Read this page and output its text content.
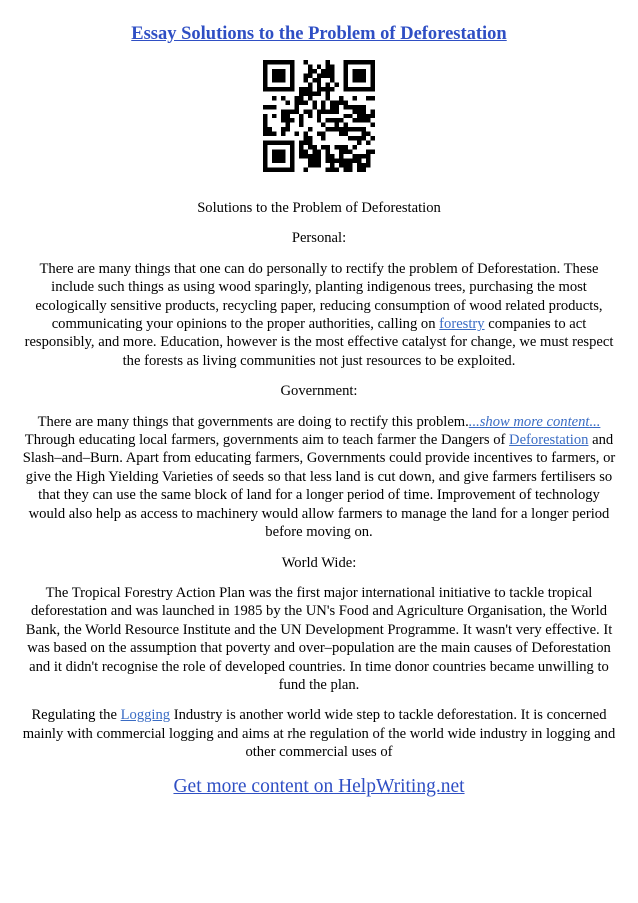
Essay Solutions to the Problem of Deforestation

Solutions to the Problem of Deforestation

Personal:

There are many things that one can do personally to rectify the problem of Deforestation. These include such things as using wood sparingly, planting indigenous trees, purchasing the most ecologically sensitive products, recycling paper, reducing consumption of wood related products, communicating your opinions to the proper authorities, calling on forestry companies to act responsibly, and more. Education, however is the most effective catalyst for change, we must respect the forests as living communities not just resources to be exploited.

Government:

There are many things that governments are doing to rectify this problem....show more content... Through educating local farmers, governments aim to teach farmer the Dangers of Deforestation and Slash–and–Burn. Apart from educating farmers, Governments could provide incentives to farmers, or give the High Yielding Varieties of seeds so that less land is cut down, and give farmers fertilisers so that they can use the same block of land for a longer period of time. Improvement of technology would also help as access to machinery would allow farmers to manage the land for a longer period before moving on.

World Wide:

The Tropical Forestry Action Plan was the first major international initiative to tackle tropical deforestation and was launched in 1985 by the UN's Food and Agriculture Organisation, the World Bank, the World Resource Institute and the UN Development Programme. It wasn't very effective. It was based on the assumption that poverty and over–population are the main causes of Deforestation and it didn't recognise the role of developed countries. In time donor countries became unwilling to fund the plan.

Regulating the Logging Industry is another world wide step to tackle deforestation. It is concerned mainly with commercial logging and aims at rhe regulation of the world wide industry in logging and other commercial uses of

Get more content on HelpWriting.net
